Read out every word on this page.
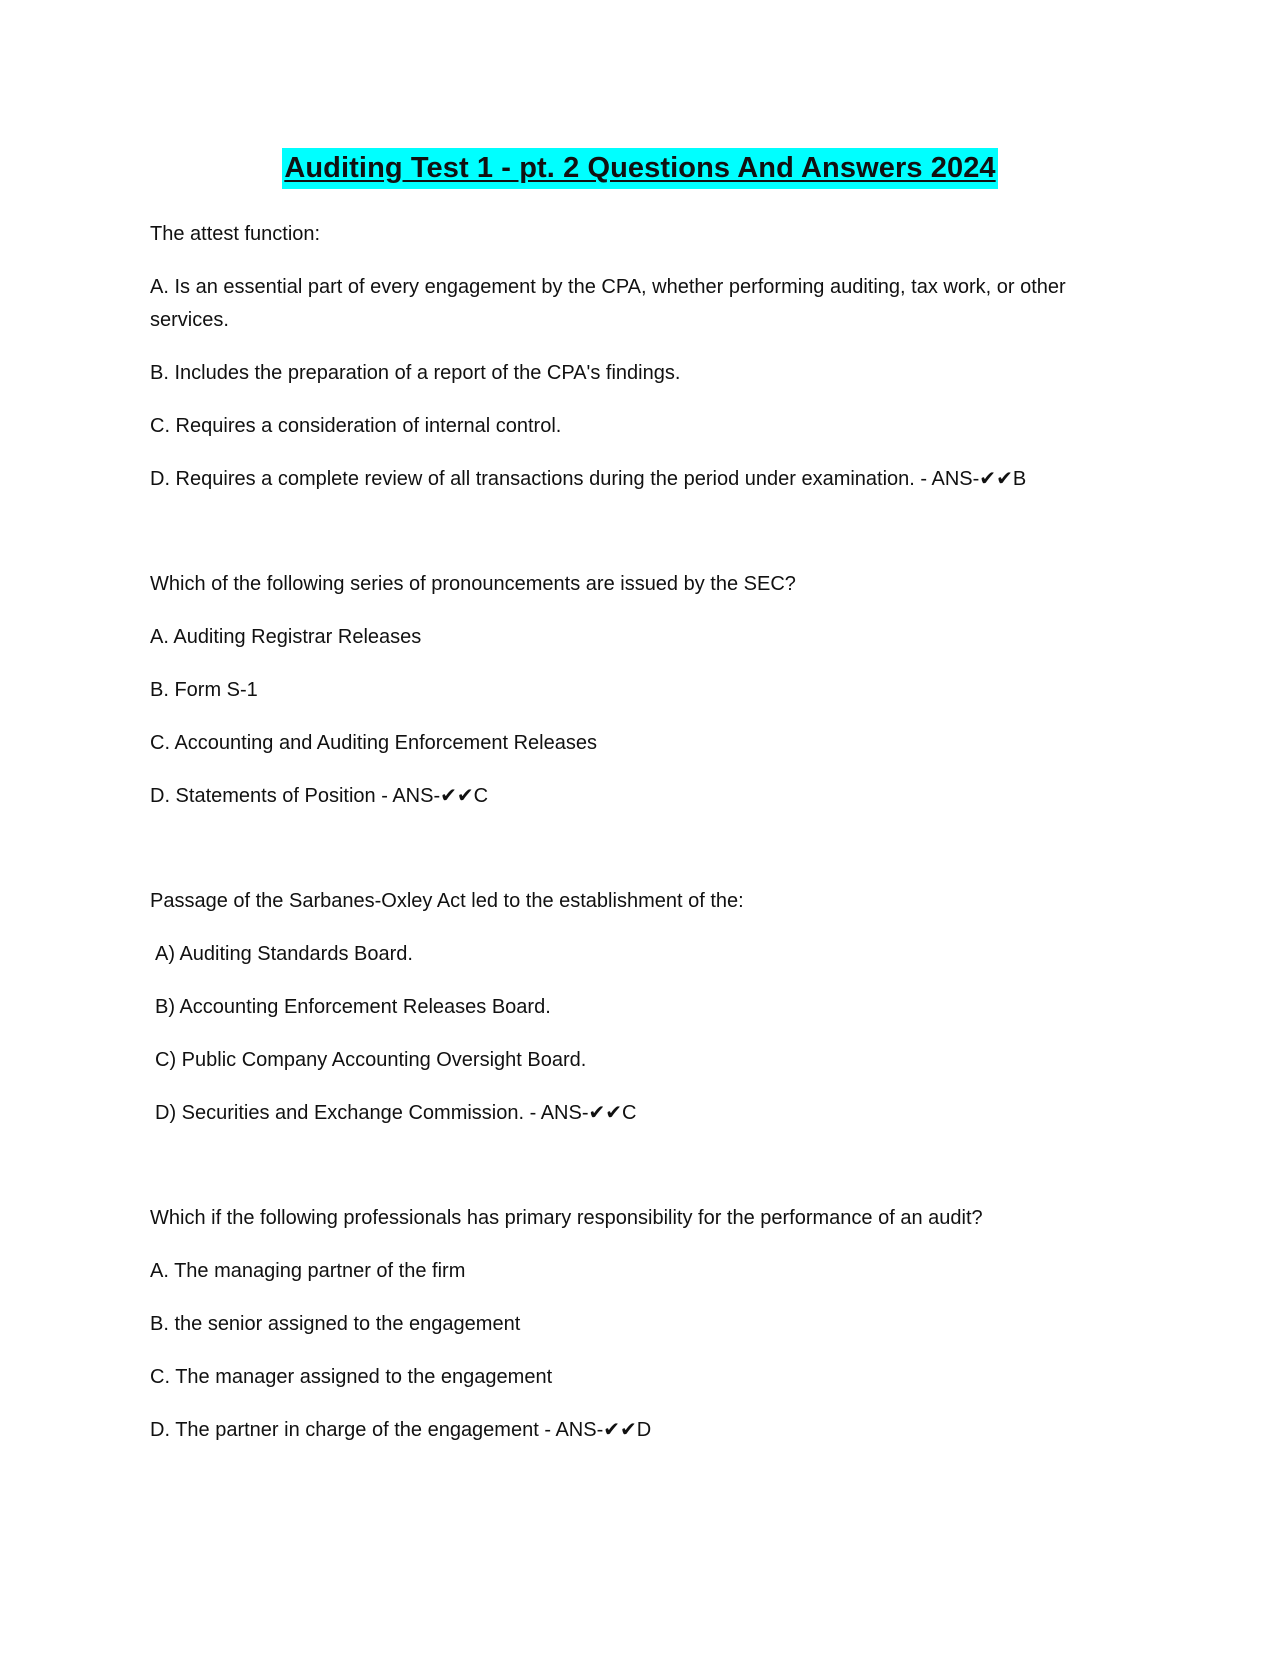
Auditing Test 1 - pt. 2 Questions And Answers 2024

The attest function:

A. Is an essential part of every engagement by the CPA, whether performing auditing, tax work, or other services.

B. Includes the preparation of a report of the CPA's findings.

C. Requires a consideration of internal control.

D. Requires a complete review of all transactions during the period under examination. - ANS-✔✔B

Which of the following series of pronouncements are issued by the SEC?

A. Auditing Registrar Releases

B. Form S-1

C. Accounting and Auditing Enforcement Releases

D. Statements of Position - ANS-✔✔C

Passage of the Sarbanes-Oxley Act led to the establishment of the:

A) Auditing Standards Board.

B) Accounting Enforcement Releases Board.

C) Public Company Accounting Oversight Board.

D) Securities and Exchange Commission. - ANS-✔✔C

Which if the following professionals has primary responsibility for the performance of an audit?

A. The managing partner of the firm

B. the senior assigned to the engagement

C. The manager assigned to the engagement

D. The partner in charge of the engagement - ANS-✔✔D
